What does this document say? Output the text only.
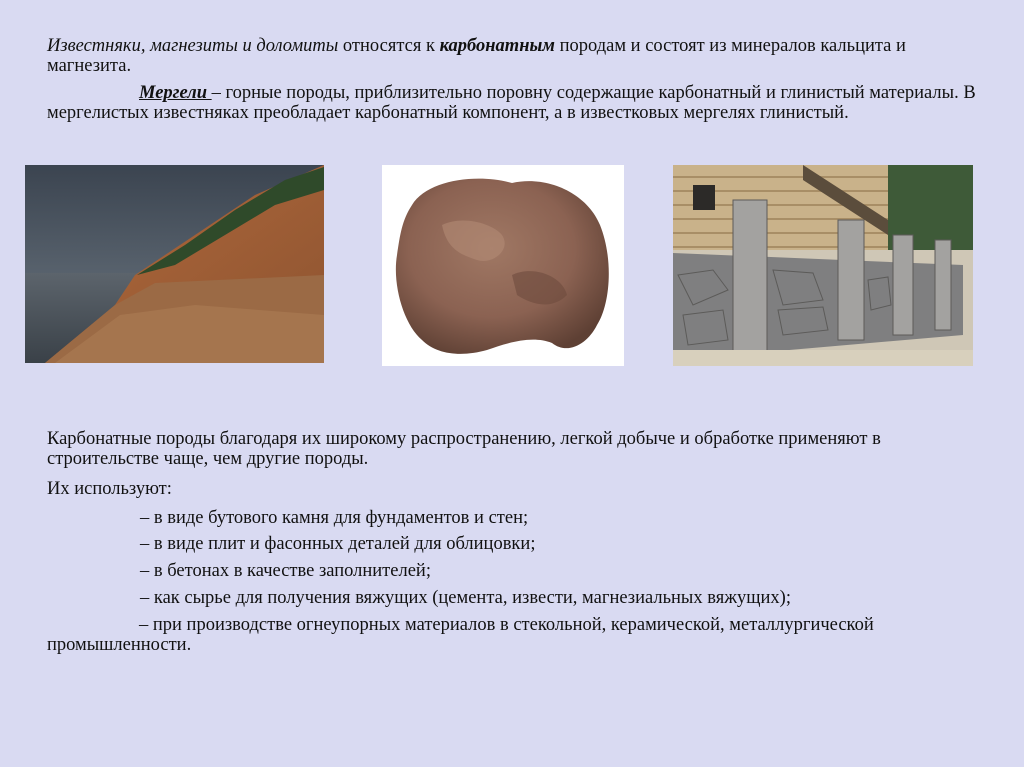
Известняки, магнезиты и доломиты относятся к карбонатным породам и состоят из минералов кальцита и магнезита.

Мергели – горные породы, приблизительно поровну содержащие карбонатный и глинистый материалы. В мергелистых известняках преобладает карбонатный компонент, а в известковых мергелях глинистый.

Карбонатные породы благодаря их широкому распространению, легкой добыче и обработке применяют в строительстве чаще, чем другие породы.

Их используют:

– в виде бутового камня для фундаментов и стен;

– в виде плит и фасонных деталей для облицовки;

– в бетонах в качестве заполнителей;

– как сырье для получения вяжущих (цемента, извести, магнезиальных вяжущих);

– при производстве огнеупорных материалов в стекольной, керамической, металлургической промышленности.
